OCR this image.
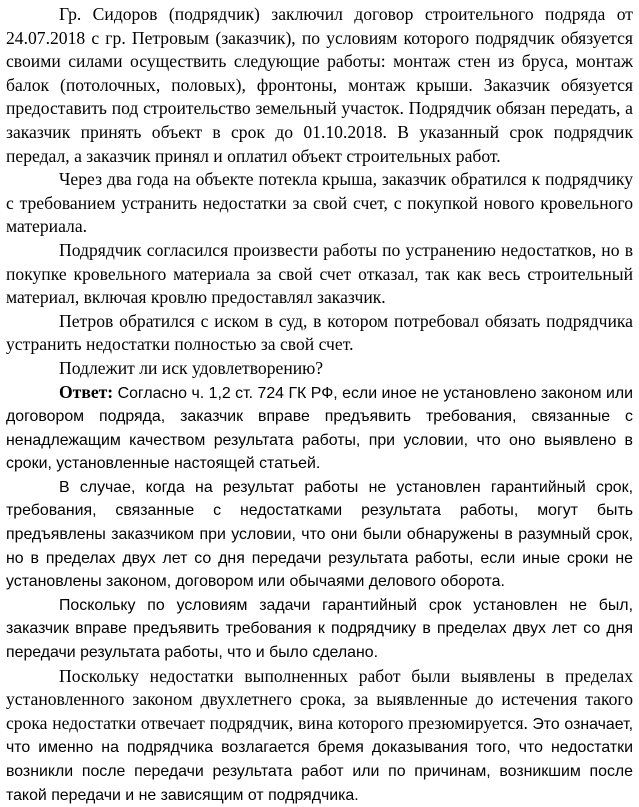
Гр. Сидоров (подрядчик) заключил договор строительного подряда от 24.07.2018 с гр. Петровым (заказчик), по условиям которого подрядчик обязуется своими силами осуществить следующие работы: монтаж стен из бруса, монтаж балок (потолочных, половых), фронтоны, монтаж крыши. Заказчик обязуется предоставить под строительство земельный участок. Подрядчик обязан передать, а заказчик принять объект в срок до 01.10.2018. В указанный срок подрядчик передал, а заказчик принял и оплатил объект строительных работ.

Через два года на объекте потекла крыша, заказчик обратился к подрядчику с требованием устранить недостатки за свой счет, с покупкой нового кровельного материала.

Подрядчик согласился произвести работы по устранению недостатков, но в покупке кровельного материала за свой счет отказал, так как весь строительный материал, включая кровлю предоставлял заказчик.

Петров обратился с иском в суд, в котором потребовал обязать подрядчика устранить недостатки полностью за свой счет.

Подлежит ли иск удовлетворению?

Ответ: Согласно ч. 1,2 ст. 724 ГК РФ, если иное не установлено законом или договором подряда, заказчик вправе предъявить требования, связанные с ненадлежащим качеством результата работы, при условии, что оно выявлено в сроки, установленные настоящей статьей.

В случае, когда на результат работы не установлен гарантийный срок, требования, связанные с недостатками результата работы, могут быть предъявлены заказчиком при условии, что они были обнаружены в разумный срок, но в пределах двух лет со дня передачи результата работы, если иные сроки не установлены законом, договором или обычаями делового оборота.

Поскольку по условиям задачи гарантийный срок установлен не был, заказчик вправе предъявить требования к подрядчику в пределах двух лет со дня передачи результата работы, что и было сделано.

Поскольку недостатки выполненных работ были выявлены в пределах установленного законом двухлетнего срока, за выявленные до истечения такого срока недостатки отвечает подрядчик, вина которого презюмируется. Это означает, что именно на подрядчика возлагается бремя доказывания того, что недостатки возникли после передачи результата работ или по причинам, возникшим после такой передачи и не зависящим от подрядчика.
